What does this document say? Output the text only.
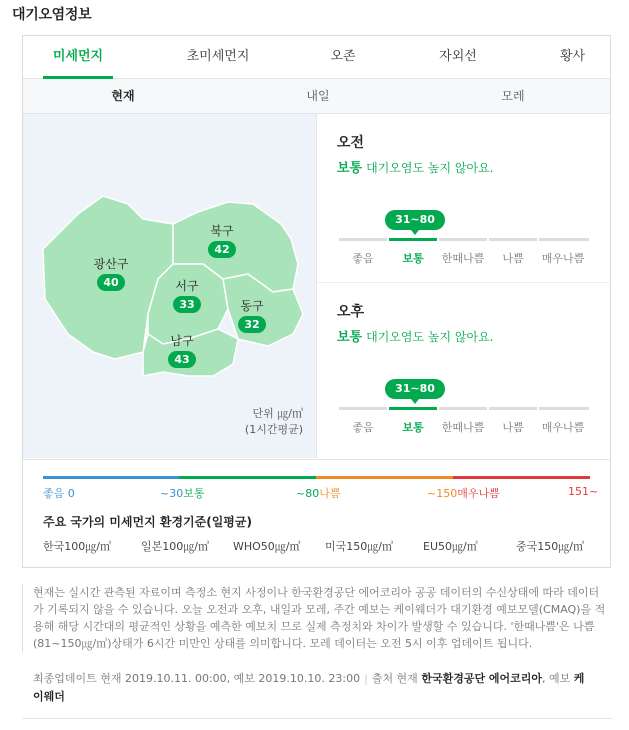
대기오염정보
미세먼지	초미세먼지	오존	자외선	황사
현재	내일	모레
광산구
40
북구
42
서구
33	동구
32
남구
43
단위 ㎍/㎥
(1시간평균)
오전
보통 대기오염도 높지 않아요.
31~80
좋음	보통	한때나쁨	나쁨	매우나쁨
오후
보통 대기오염도 높지 않아요.
31~80
좋음	보통	한때나쁨	나쁨	매우나쁨
좋음 0	~30보통	~80나쁨	~150매우나쁨	151~
주요 국가의 미세먼지 환경기준(일평균)
한국100㎍/㎥	일본100㎍/㎥ WHO50㎍/㎥ 미국150㎍/㎥	EU50㎍/㎥	중국150㎍/㎥
현재는 실시간 관측된 자료이며 측정소 현지 사정이나 한국환경공단 에어코리아 공공 데이터의 수신상태에 따라 데이터가 기록되지 않을 수 있습니다. 오늘 오전과 오후, 내일과 모레, 주간 예보는 케이웨더가 대기환경 예보모델(CMAQ)을 적용해 해당 시간대의 평균적인 상황을 예측한 예보치 므로 실제 측정치와 차이가 발생할 수 있습니다. '한때나쁨'은 나쁨(81~150㎍/㎥)상태가 6시간 미만인 상태를 의미합니다. 모레 데이터는 오전 5시 이후 업데이트 됩니다.
최종업데이트 현재 2019.10.11. 00:00, 예보 2019.10.10. 23:00 | 출처 현재 한국환경공단 에어코리아, 예보 케이웨더
